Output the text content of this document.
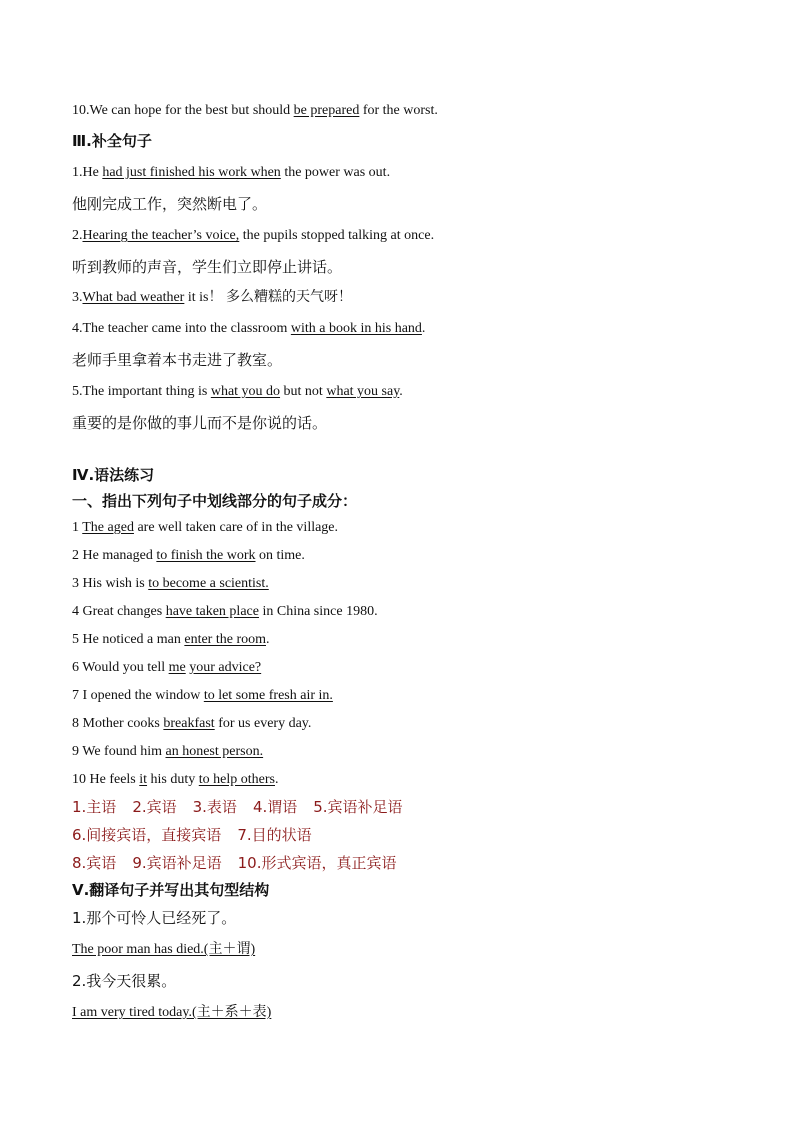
10.We can hope for the best but should be prepared for the worst.
Ⅲ.补全句子
1.He had just finished his work when the power was out.
他刚完成工作，突然断电了。
2.Hearing the teacher’s voice, the pupils stopped talking at once.
听到教师的声音，学生们立即停止讲话。
3.What bad weather it is！ 多么糟糕的天气呀！
4.The teacher came into the classroom with a book in his hand.
老师手里拿着本书走进了教室。
5.The important thing is what you do but not what you say.
重要的是你做的事儿而不是你说的话。
Ⅳ.语法练习
一、指出下列句子中划线部分的句子成分：
1 The aged are well taken care of in the village.
2 He managed to finish the work on time.
3 His wish is to become a scientist.
4 Great changes have taken place in China since 1980.
5 He noticed a man enter the room.
6 Would you tell me your advice?
7 I opened the window to let some fresh air in.
8 Mother cooks breakfast for us every day.
9 We found him an honest person.
10 He feels it his duty to help others.
1.主语 2.宾语 3.表语 4.谓语 5.宾语补足语
6.间接宾语，直接宾语 7.目的状语
8.宾语 9.宾语补足语 10.形式宾语，真正宾语
Ⅴ.翻译句子并写出其句型结构
1.那个可怜人已经死了。
The poor man has died.(主＋谓)
2.我今天很累。
I am very tired today.(主＋系＋表)
